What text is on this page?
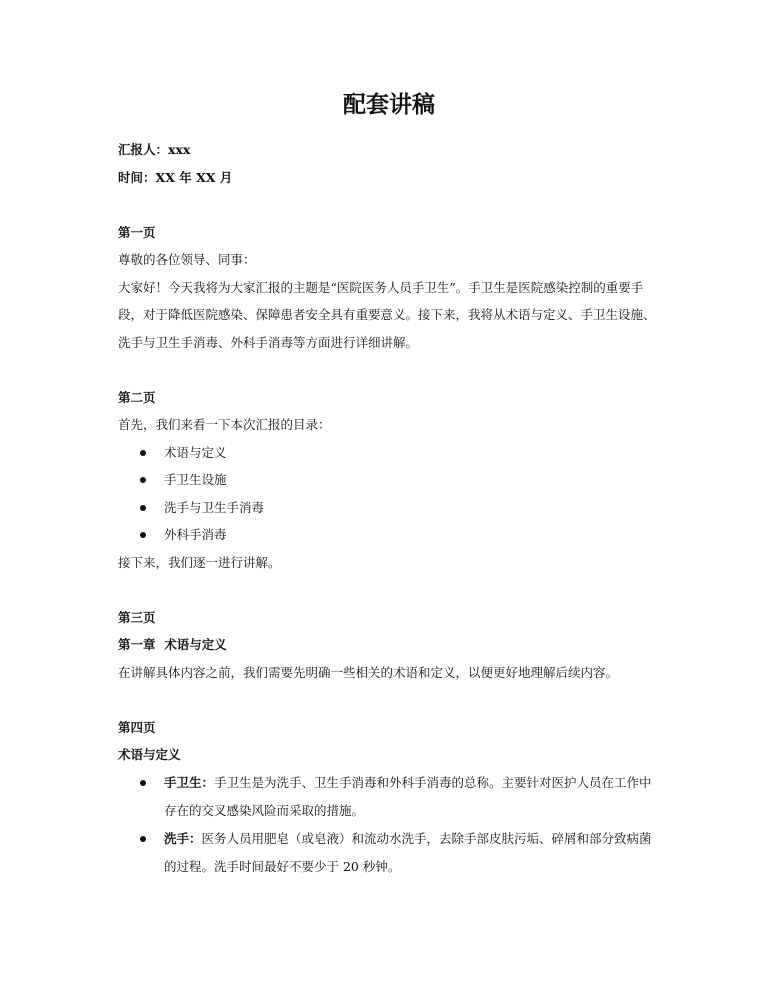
配套讲稿

汇报人：xxx

时间：XX 年 XX 月

第一页

尊敬的各位领导、同事：

大家好！今天我将为大家汇报的主题是“医院医务人员手卫生”。手卫生是医院感染控制的重要手段，对于降低医院感染、保障患者安全具有重要意义。接下来，我将从术语与定义、手卫生设施、洗手与卫生手消毒、外科手消毒等方面进行详细讲解。

第二页

首先，我们来看一下本次汇报的目录：

术语与定义
手卫生设施
洗手与卫生手消毒
外科手消毒

接下来，我们逐一进行讲解。

第三页

第一章  术语与定义

在讲解具体内容之前，我们需要先明确一些相关的术语和定义，以便更好地理解后续内容。

第四页

术语与定义

手卫生：手卫生是为洗手、卫生手消毒和外科手消毒的总称。主要针对医护人员在工作中存在的交叉感染风险而采取的措施。
洗手：医务人员用肥皂（或皂液）和流动水洗手，去除手部皮肤污垢、碎屑和部分致病菌的过程。洗手时间最好不要少于 20 秒钟。
